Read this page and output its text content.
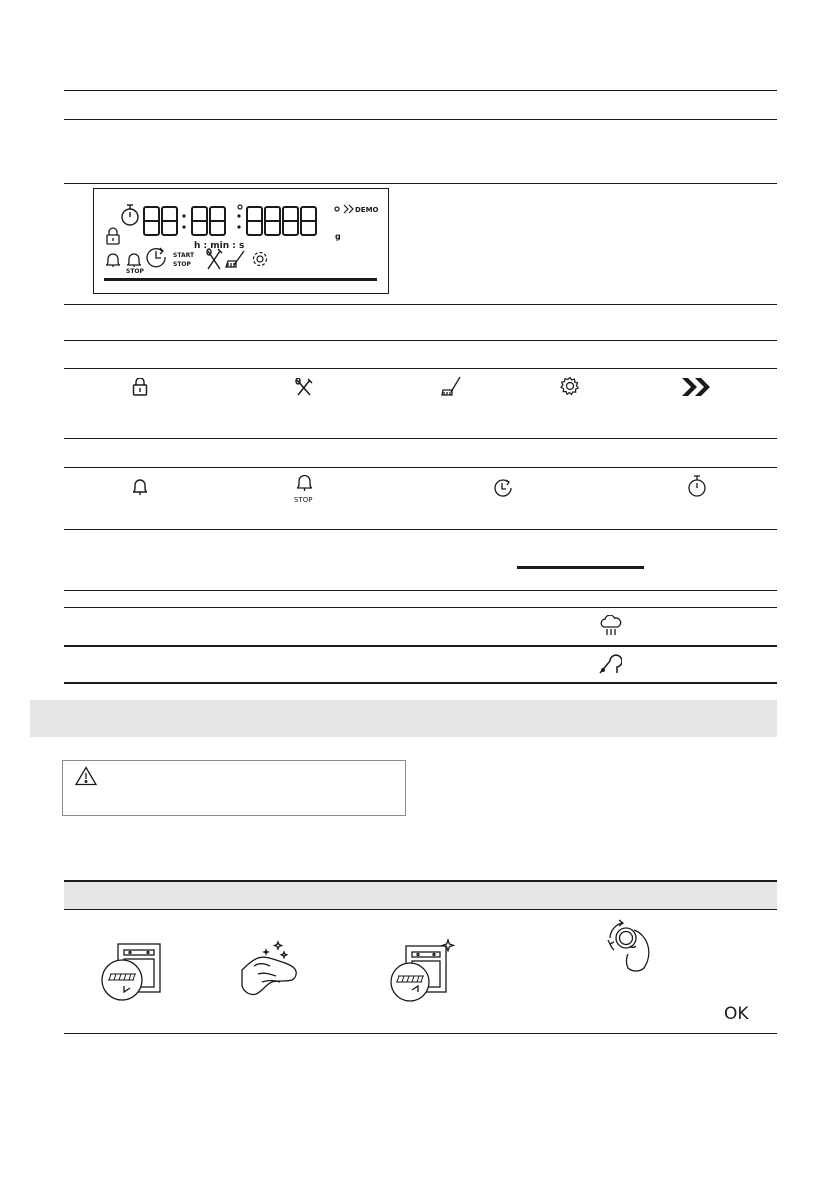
DEMO
g
h : min : s
STOP
START
STOP
STOP
OK
